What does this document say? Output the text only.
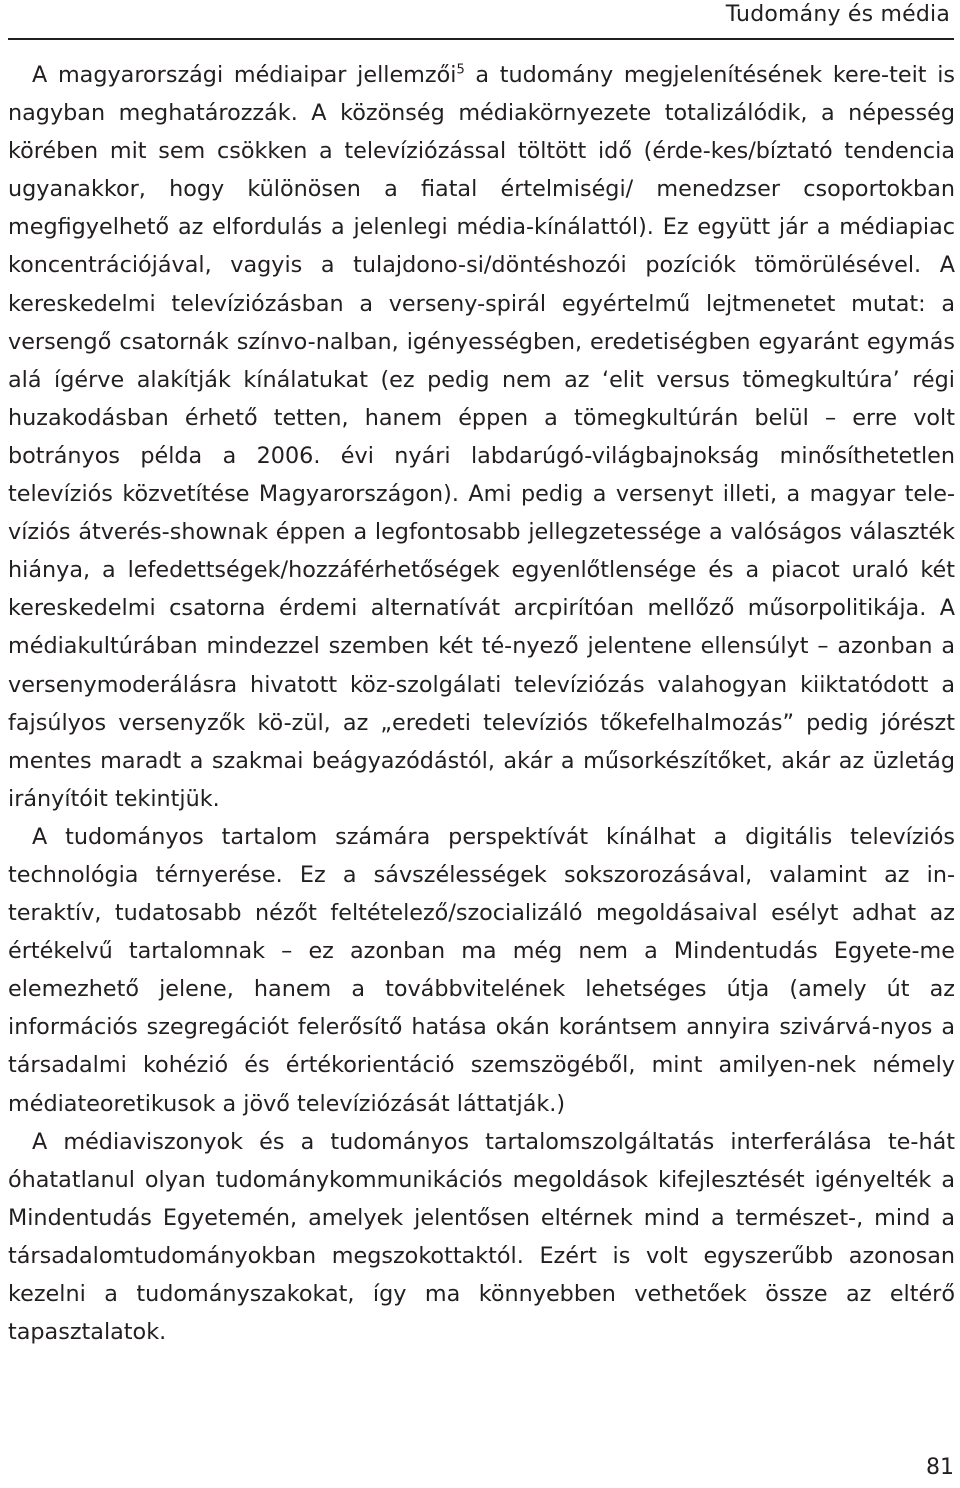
Tudomány és média

A magyarországi médiaipar jellemzői$^5$ a tudomány megjelenítésének kere-teit is nagyban meghatározzák. A közönség médiakörnyezete totalizálódik, a népesség körében mit sem csökken a televíziózással töltött idő (érde-kes/bíztató tendencia ugyanakkor, hogy különösen a fiatal értelmiségi/ menedzser csoportokban megfigyelhető az elfordulás a jelenlegi média-kínálattól). Ez együtt jár a médiapiac koncentrációjával, vagyis a tulajdono-si/döntéshozói pozíciók tömörülésével. A kereskedelmi televíziózásban a verseny-spirál egyértelmű lejtmenetet mutat: a versengő csatornák színvo-nalban, igényességben, eredetiségben egyaránt egymás alá ígérve alakítják kínálatukat (ez pedig nem az ‘elit versus tömegkultúra’ régi huzakodásban érhető tetten, hanem éppen a tömegkultúrán belül – erre volt botrányos példa a 2006. évi nyári labdarúgó-világbajnokság minősíthetetlen televíziós közvetítése Magyarországon). Ami pedig a versenyt illeti, a magyar tele-víziós átverés-shownak éppen a legfontosabb jellegzetessége a valóságos választék hiánya, a lefedettségek/hozzáférhetőségek egyenlőtlensége és a piacot uraló két kereskedelmi csatorna érdemi alternatívát arcpirítóan mellőző műsorpolitikája. A médiakultúrában mindezzel szemben két té-nyező jelentene ellensúlyt – azonban a versenymoderálásra hivatott köz-szolgálati televíziózás valahogyan kiiktatódott a fajsúlyos versenyzők kö-zül, az „eredeti televíziós tőkefelhalmozás” pedig jórészt mentes maradt a szakmai beágyazódástól, akár a műsorkészítőket, akár az üzletág irányítóit tekintjük.

A tudományos tartalom számára perspektívát kínálhat a digitális televíziós technológia térnyerése. Ez a sávszélességek sokszorozásával, valamint az in-teraktív, tudatosabb nézőt feltételező/szocializáló megoldásaival esélyt adhat az értékelvű tartalomnak – ez azonban ma még nem a Mindentudás Egyete-me elemezhető jelene, hanem a továbbvitelének lehetséges útja (amely út az információs szegregációt felerősítő hatása okán korántsem annyira szivárvá-nyos a társadalmi kohézió és értékorientáció szemszögéből, mint amilyen-nek némely médiateoretikusok a jövő televíziózását láttatják.)

A médiaviszonyok és a tudományos tartalomszolgáltatás interferálása te-hát óhatatlanul olyan tudománykommunikációs megoldások kifejlesztését igényelték a Mindentudás Egyetemén, amelyek jelentősen eltérnek mind a természet-, mind a társadalomtudományokban megszokottaktól. Ezért is volt egyszerűbb azonosan kezelni a tudományszakokat, így ma könnyebben vethetőek össze az eltérő tapasztalatok.

81
